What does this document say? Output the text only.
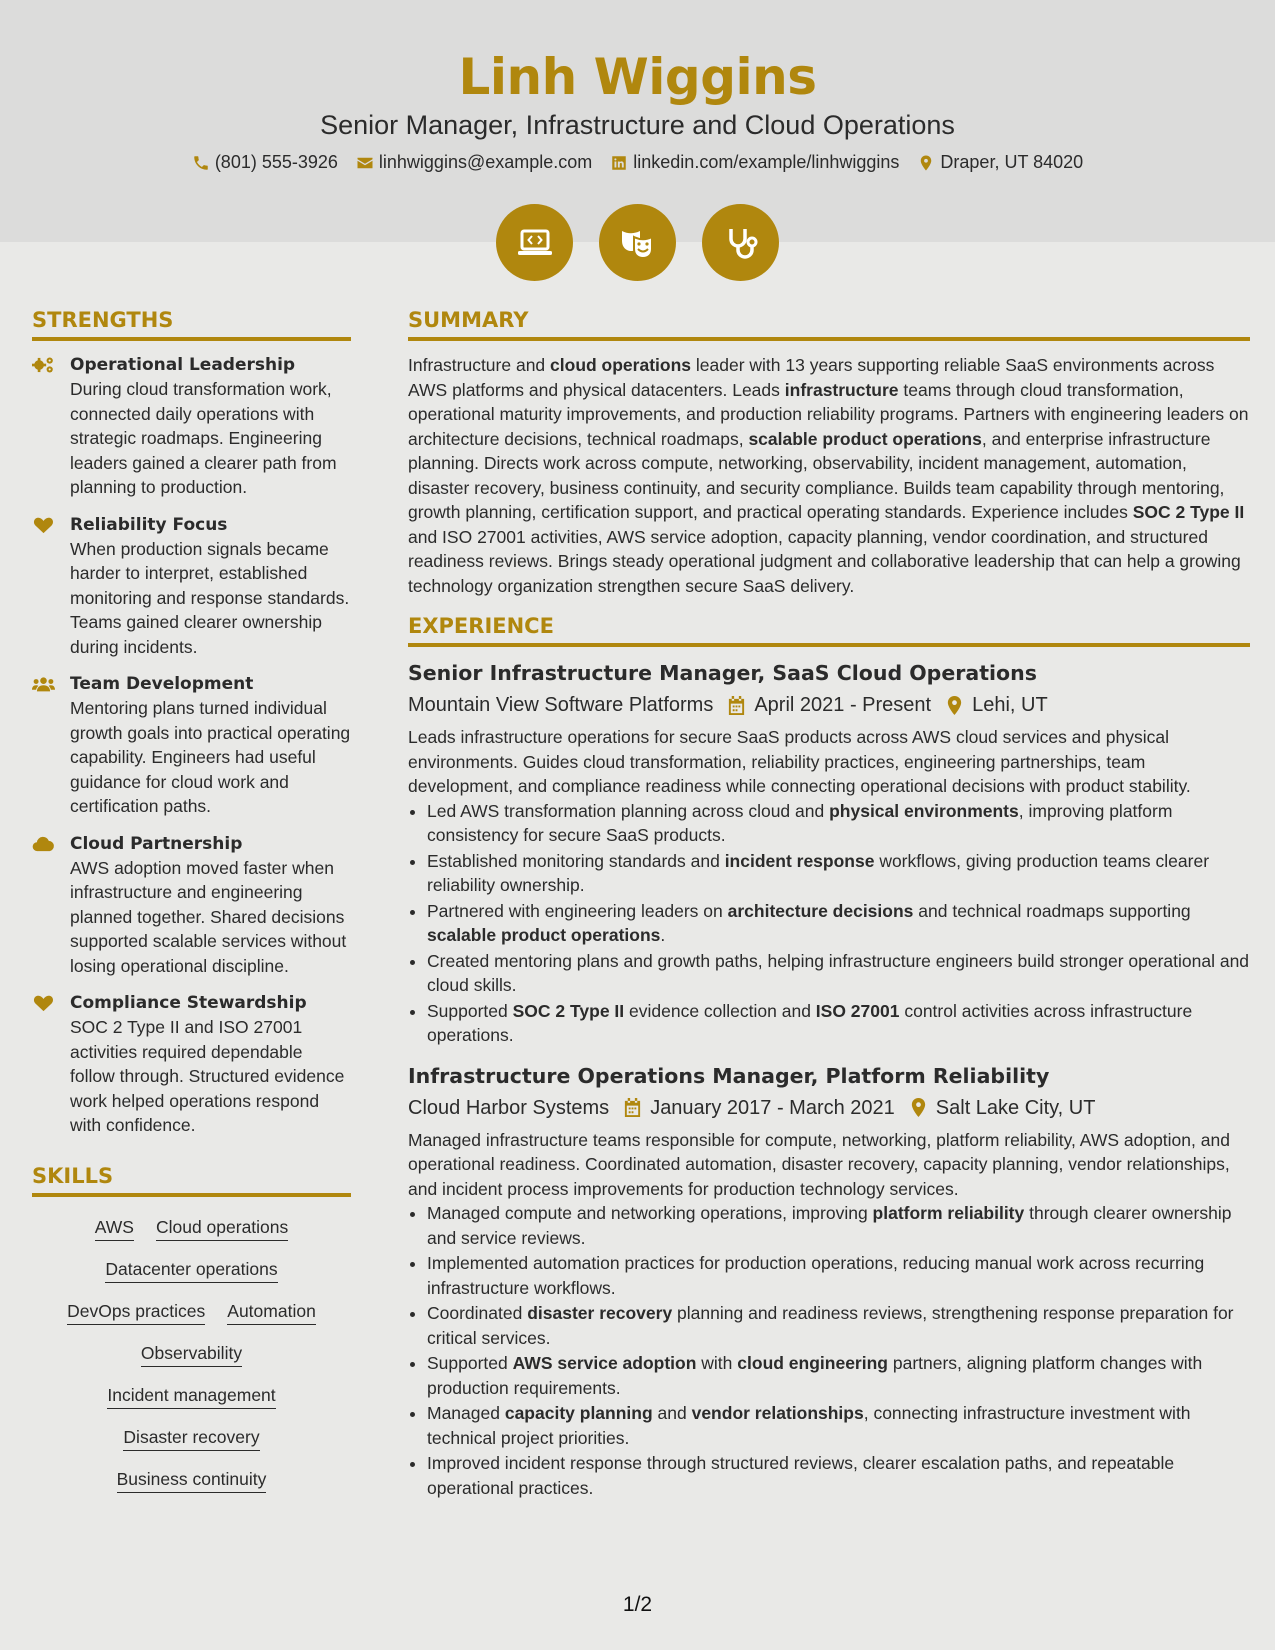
Linh Wiggins
Senior Manager, Infrastructure and Cloud Operations
(801) 555-3926 linhwiggins@example.com linkedin.com/example/linhwiggins Draper, UT 84020
STRENGTHS
Operational Leadership
During cloud transformation work, connected daily operations with strategic roadmaps. Engineering leaders gained a clearer path from planning to production.
Reliability Focus
When production signals became harder to interpret, established monitoring and response standards. Teams gained clearer ownership during incidents.
Team Development
Mentoring plans turned individual growth goals into practical operating capability. Engineers had useful guidance for cloud work and certification paths.
Cloud Partnership
AWS adoption moved faster when infrastructure and engineering planned together. Shared decisions supported scalable services without losing operational discipline.
Compliance Stewardship
SOC 2 Type II and ISO 27001 activities required dependable follow through. Structured evidence work helped operations respond with confidence.
SKILLS
AWS Cloud operations
Datacenter operations
DevOps practices Automation
Observability
Incident management
Disaster recovery
Business continuity
SUMMARY
Infrastructure and cloud operations leader with 13 years supporting reliable SaaS environments across AWS platforms and physical datacenters. Leads infrastructure teams through cloud transformation, operational maturity improvements, and production reliability programs. Partners with engineering leaders on architecture decisions, technical roadmaps, scalable product operations, and enterprise infrastructure planning. Directs work across compute, networking, observability, incident management, automation, disaster recovery, business continuity, and security compliance. Builds team capability through mentoring, growth planning, certification support, and practical operating standards. Experience includes SOC 2 Type II and ISO 27001 activities, AWS service adoption, capacity planning, vendor coordination, and structured readiness reviews. Brings steady operational judgment and collaborative leadership that can help a growing technology organization strengthen secure SaaS delivery.
EXPERIENCE
Senior Infrastructure Manager, SaaS Cloud Operations
Mountain View Software Platforms April 2021 - Present Lehi, UT
Leads infrastructure operations for secure SaaS products across AWS cloud services and physical environments. Guides cloud transformation, reliability practices, engineering partnerships, team development, and compliance readiness while connecting operational decisions with product stability.
• Led AWS transformation planning across cloud and physical environments, improving platform consistency for secure SaaS products.
• Established monitoring standards and incident response workflows, giving production teams clearer reliability ownership.
• Partnered with engineering leaders on architecture decisions and technical roadmaps supporting scalable product operations.
• Created mentoring plans and growth paths, helping infrastructure engineers build stronger operational and cloud skills.
• Supported SOC 2 Type II evidence collection and ISO 27001 control activities across infrastructure operations.
Infrastructure Operations Manager, Platform Reliability
Cloud Harbor Systems January 2017 - March 2021 Salt Lake City, UT
Managed infrastructure teams responsible for compute, networking, platform reliability, AWS adoption, and operational readiness. Coordinated automation, disaster recovery, capacity planning, vendor relationships, and incident process improvements for production technology services.
• Managed compute and networking operations, improving platform reliability through clearer ownership and service reviews.
• Implemented automation practices for production operations, reducing manual work across recurring infrastructure workflows.
• Coordinated disaster recovery planning and readiness reviews, strengthening response preparation for critical services.
• Supported AWS service adoption with cloud engineering partners, aligning platform changes with production requirements.
• Managed capacity planning and vendor relationships, connecting infrastructure investment with technical project priorities.
• Improved incident response through structured reviews, clearer escalation paths, and repeatable operational practices.
1/2
